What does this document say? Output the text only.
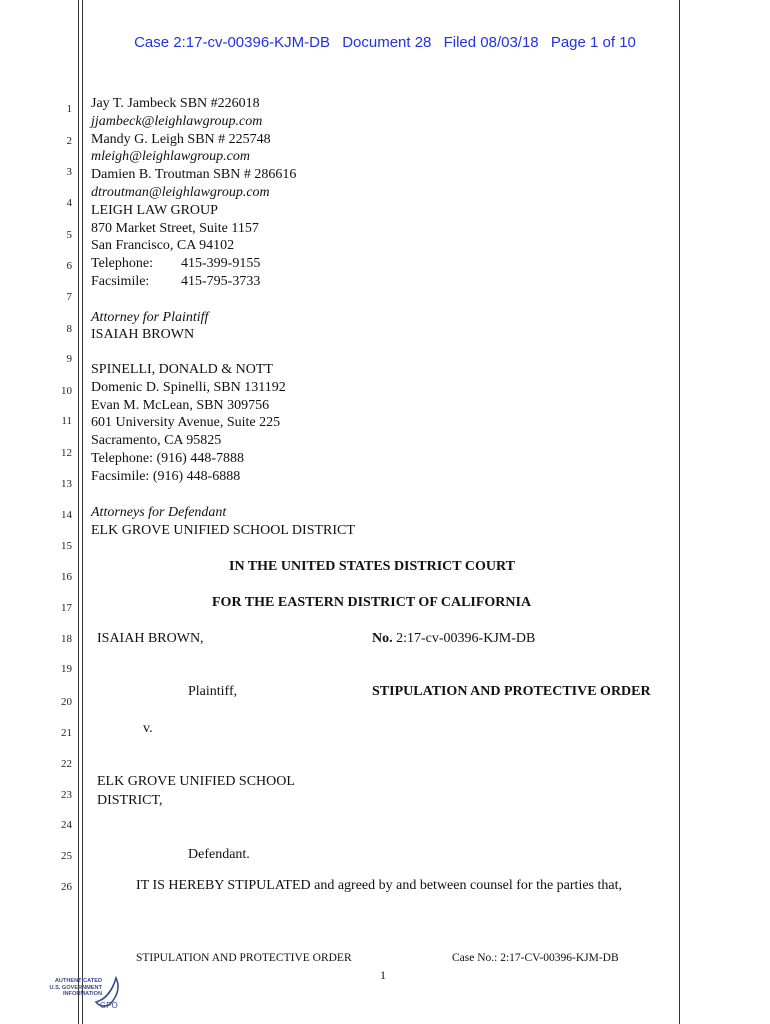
Case 2:17-cv-00396-KJM-DB Document 28 Filed 08/03/18 Page 1 of 10
1
2
3
4
5
6
7
8
9
10
11
12
13
14
15
16
17
18
19
20
21
22
23
24
25
26
Jay T. Jambeck SBN #226018
jjambeck@leighlawgroup.com
Mandy G. Leigh SBN # 225748
mleigh@leighlawgroup.com
Damien B. Troutman SBN # 286616
dtroutman@leighlawgroup.com
LEIGH LAW GROUP
870 Market Street, Suite 1157
San Francisco, CA 94102
Telephone: 415-399-9155
Facsimile: 415-795-3733
Attorney for Plaintiff
ISAIAH BROWN
SPINELLI, DONALD & NOTT
Domenic D. Spinelli, SBN 131192
Evan M. McLean, SBN 309756
601 University Avenue, Suite 225
Sacramento, CA 95825
Telephone: (916) 448-7888
Facsimile: (916) 448-6888
Attorneys for Defendant
ELK GROVE UNIFIED SCHOOL DISTRICT
IN THE UNITED STATES DISTRICT COURT
FOR THE EASTERN DISTRICT OF CALIFORNIA
ISAIAH BROWN,	No. 2:17-cv-00396-KJM-DB
Plaintiff,	STIPULATION AND PROTECTIVE ORDER
v.
ELK GROVE UNIFIED SCHOOL
DISTRICT,
Defendant.
IT IS HEREBY STIPULATED and agreed by and between counsel for the parties that,
STIPULATION AND PROTECTIVE ORDER	Case No.: 2:17-CV-00396-KJM-DB
1
AUTHENTICATED
U.S. GOVERNMENT
INFORMATION
GPO
